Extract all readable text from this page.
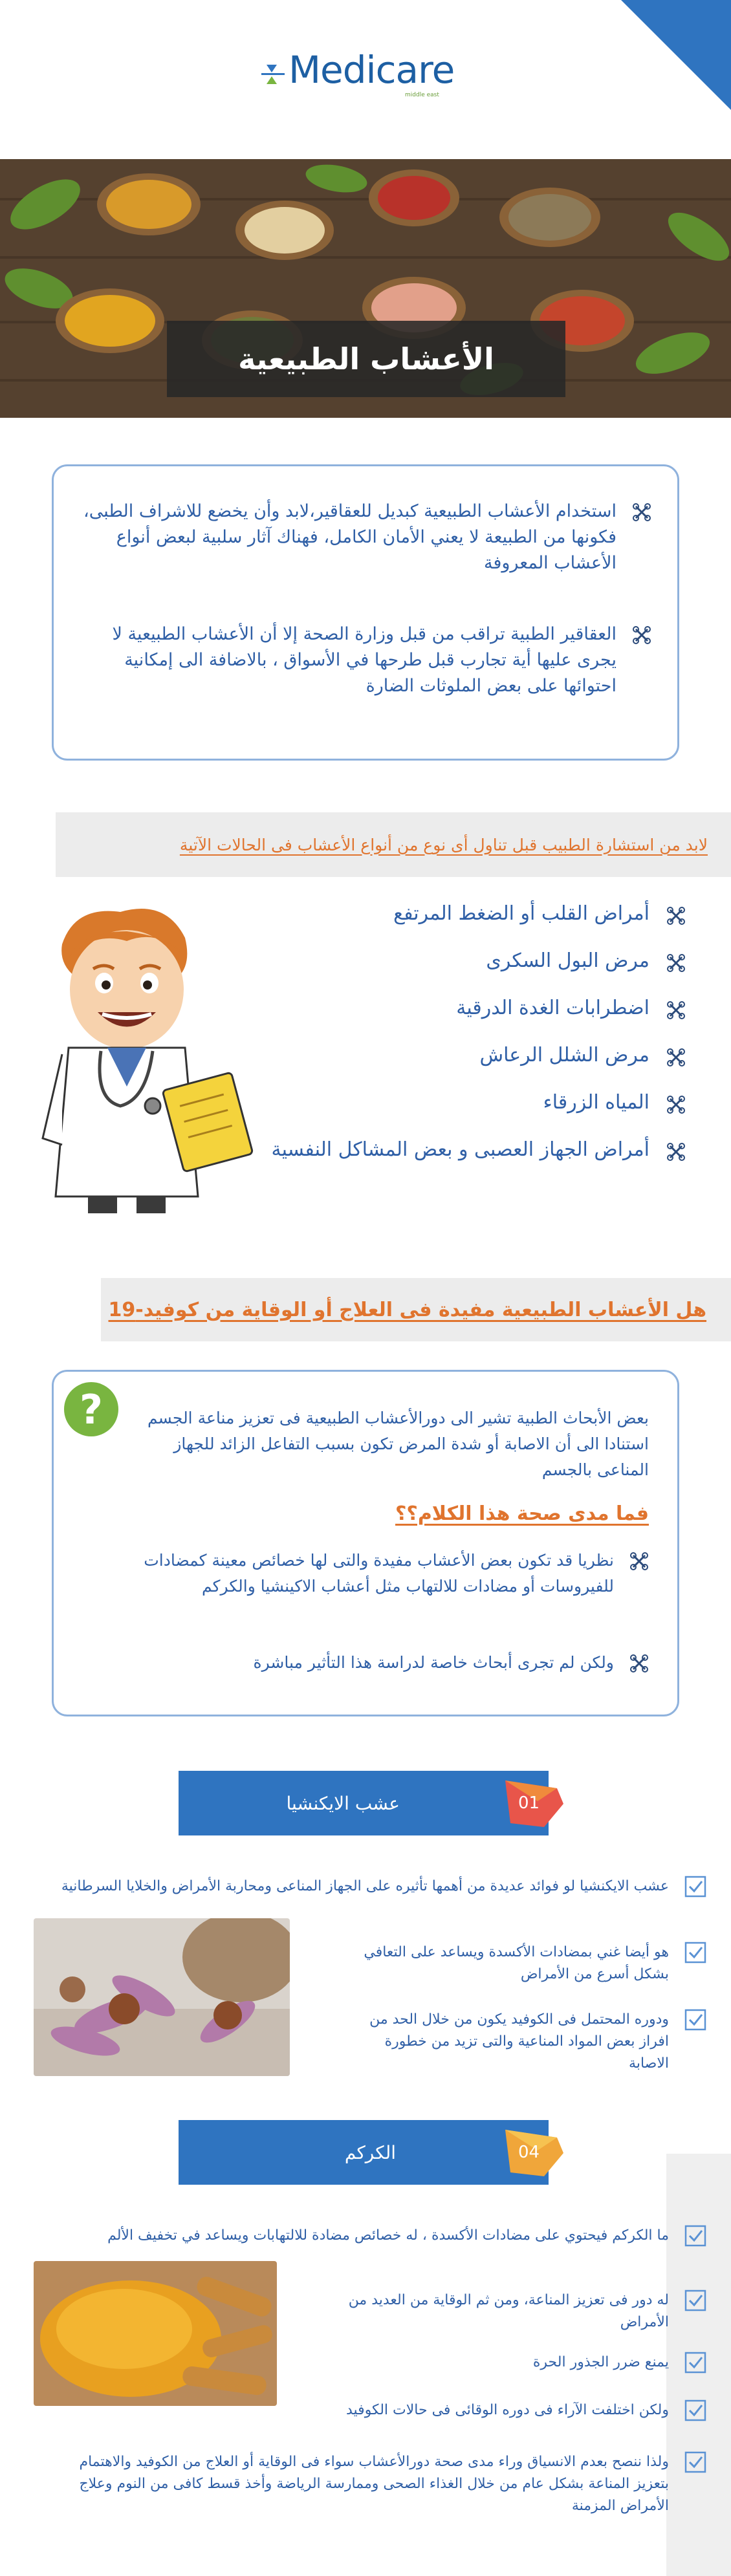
Medicare
middle east
الأعشاب الطبيعية
استخدام الأعشاب الطبيعية كبديل للعقاقير،لابد وأن يخضع للاشراف الطبى، فكونها من الطبيعة لا يعني الأمان الكامل، فهناك آثار سلبية لبعض أنواع الأعشاب المعروفة
العقاقير الطبية تراقب من قبل وزارة الصحة إلا أن الأعشاب الطبيعية لا يجرى عليها أية تجارب قبل طرحها في الأسواق ، بالاضافة الى إمكانية احتوائها على بعض الملوثات الضارة
لابد من استشارة الطبيب قبل تناول أى نوع من أنواع الأعشاب فى الحالات الآتية
أمراض القلب أو الضغط المرتفع
مرض البول السكرى
اضطرابات الغدة الدرقية
مرض الشلل الرعاش
المياه الزرقاء
أمراض الجهاز العصبى و بعض المشاكل النفسية
هل الأعشاب الطبيعية مفيدة فى العلاج أو الوقاية من كوفيد-19
?	بعض الأبحاث الطبية تشير الى دورالأعشاب الطبيعية فى تعزيز مناعة الجسم استنادا الى أن الاصابة أو شدة المرض تكون بسبب التفاعل الزائد للجهاز المناعى بالجسم
فما مدى صحة هذا الكلام؟؟
نظريا قد تكون بعض الأعشاب مفيدة والتى لها خصائص معينة كمضادات للفيروسات أو مضادات للالتهاب مثل أعشاب الاكينشيا والكركم
ولكن لم تجرى أبحاث خاصة لدراسة هذا التأثير مباشرة
عشب الايكنشيا	01
عشب الايكنشيا لو فوائد عديدة من أهمها تأثيره على الجهاز المناعى ومحاربة الأمراض والخلايا السرطانية
هو أيضا غني بمضادات الأكسدة ويساعد على التعافي بشكل أسرع من الأمراض
ودوره المحتمل فى الكوفيد يكون من خلال الحد من افراز بعض المواد المناعية والتى تزيد من خطورة الاصابة
الكركم	04
ما الكركم فيحتوي على مضادات الأكسدة ، له خصائص مضادة للالتهابات ويساعد في تخفيف الألم
له دور فى تعزيز المناعة، ومن ثم الوقاية من العديد من الأمراض
يمنع ضرر الجذور الحرة
ولكن اختلفت الآراء فى دوره الوقائى فى حالات الكوفيد
ولذا ننصح بعدم الانسياق وراء مدى صحة دورالأعشاب سواء فى الوقاية أو العلاج من الكوفيد والاهتمام بتعزيز المناعة بشكل عام من خلال الغذاء الصحى وممارسة الرياضة وأخذ قسط كافى من النوم وعلاج الأمراض المزمنة
